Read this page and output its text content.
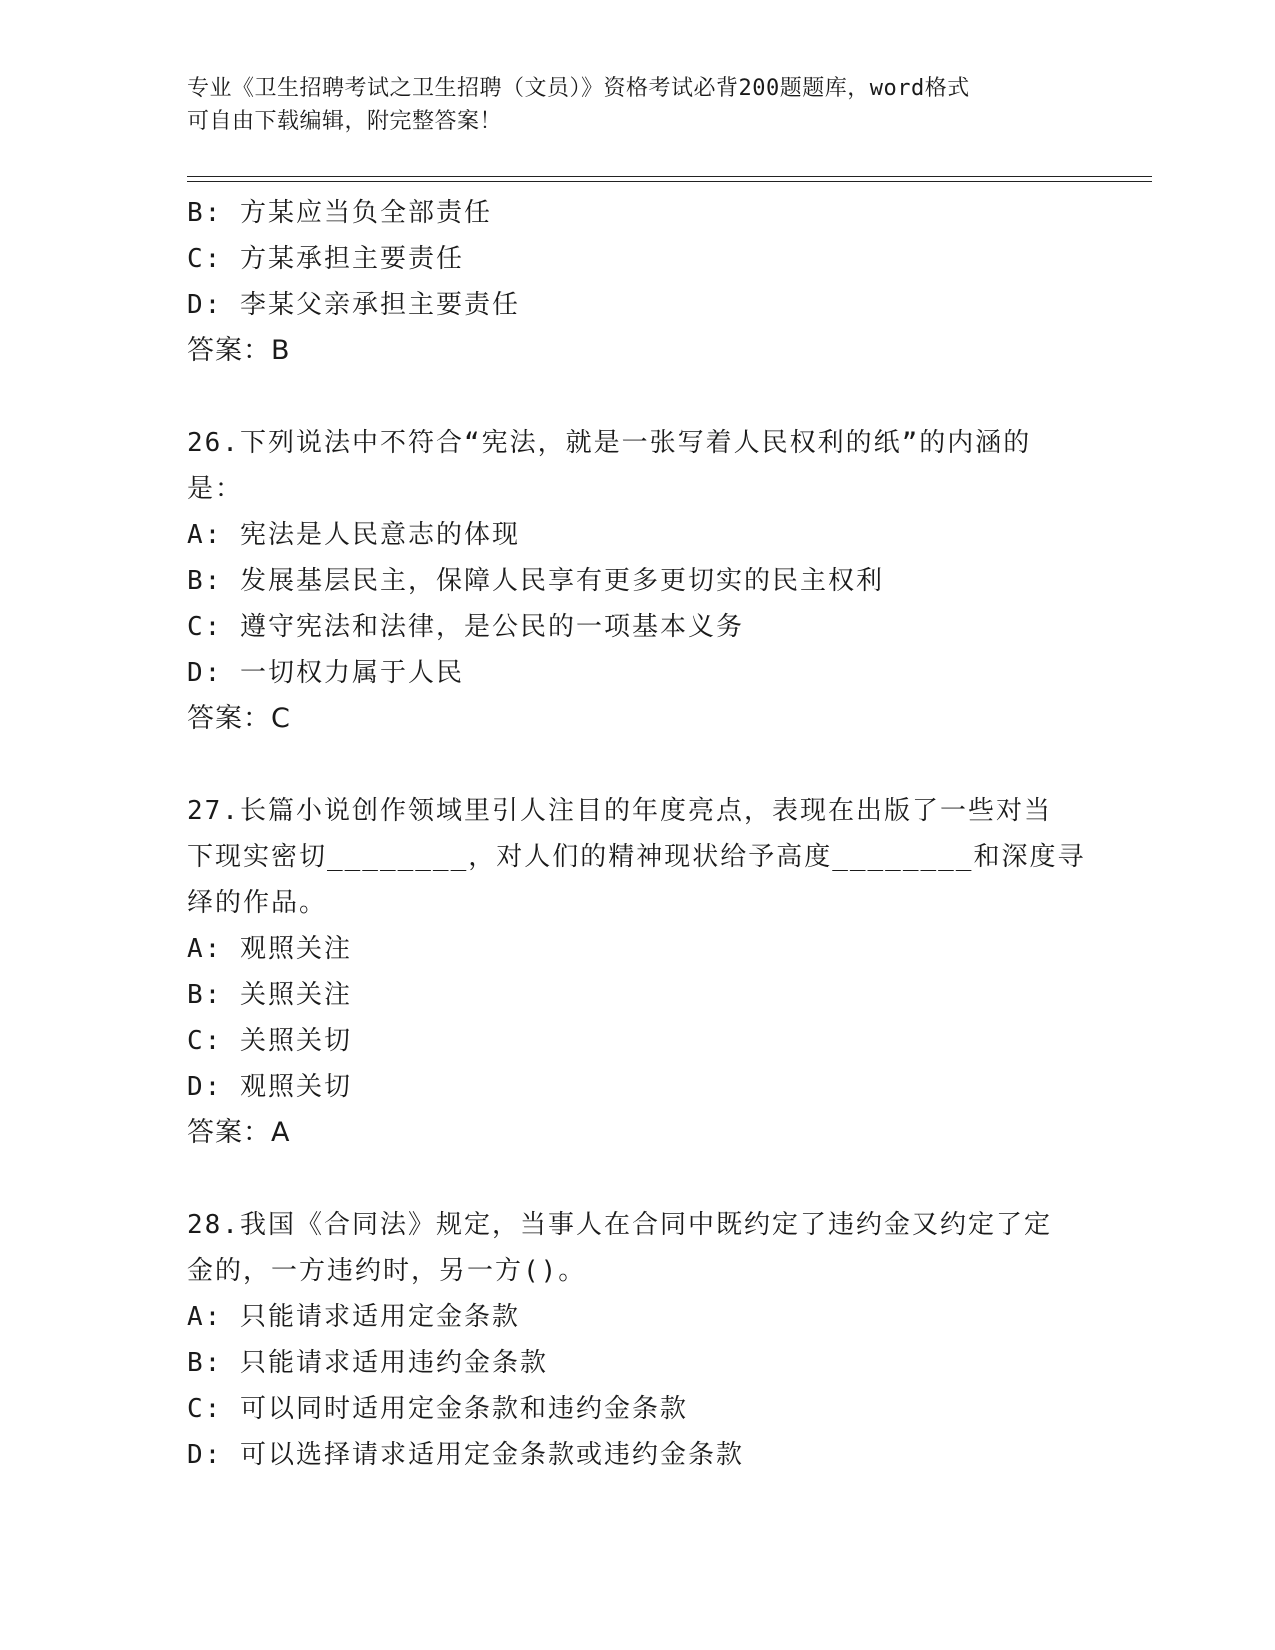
专业《卫生招聘考试之卫生招聘（文员）》资格考试必背200题题库，word格式
可自由下载编辑，附完整答案！
B: 方某应当负全部责任
C: 方某承担主要责任
D: 李某父亲承担主要责任
答案：B
26.下列说法中不符合“宪法，就是一张写着人民权利的纸”的内涵的
是：
A: 宪法是人民意志的体现
B: 发展基层民主，保障人民享有更多更切实的民主权利
C: 遵守宪法和法律，是公民的一项基本义务
D: 一切权力属于人民
答案：C
27.长篇小说创作领域里引人注目的年度亮点，表现在出版了一些对当
下现实密切________，对人们的精神现状给予高度________和深度寻
绎的作品。
A: 观照关注
B: 关照关注
C: 关照关切
D: 观照关切
答案：A
28.我国《合同法》规定，当事人在合同中既约定了违约金又约定了定
金的，一方违约时，另一方()。
A: 只能请求适用定金条款
B: 只能请求适用违约金条款
C: 可以同时适用定金条款和违约金条款
D: 可以选择请求适用定金条款或违约金条款
